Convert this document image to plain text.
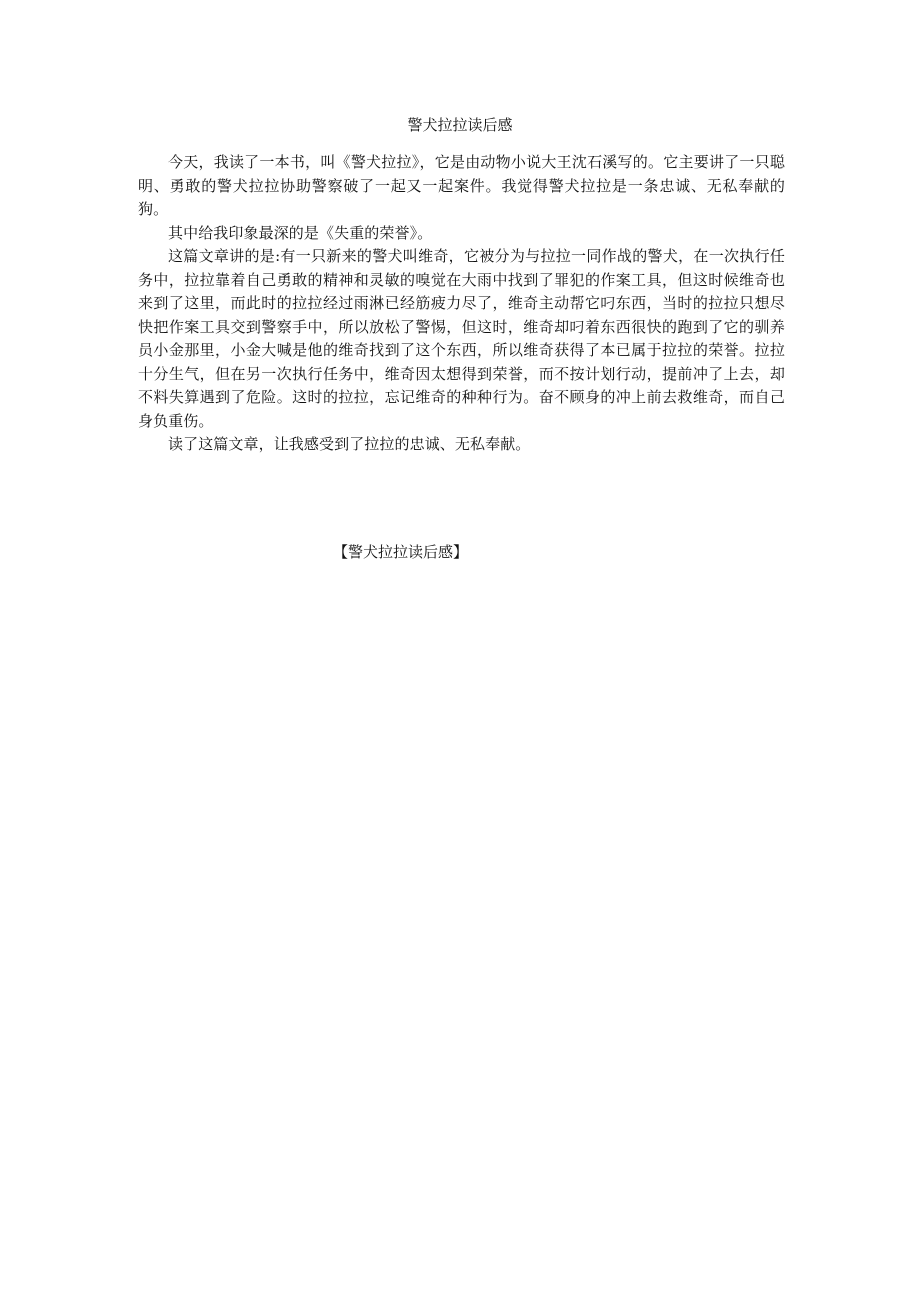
警犬拉拉读后感

今天，我读了一本书，叫《警犬拉拉》，它是由动物小说大王沈石溪写的。它主要讲了一只聪明、勇敢的警犬拉拉协助警察破了一起又一起案件。我觉得警犬拉拉是一条忠诚、无私奉献的狗。

其中给我印象最深的是《失重的荣誉》。

这篇文章讲的是:有一只新来的警犬叫维奇，它被分为与拉拉一同作战的警犬，在一次执行任务中，拉拉靠着自己勇敢的精神和灵敏的嗅觉在大雨中找到了罪犯的作案工具，但这时候维奇也来到了这里，而此时的拉拉经过雨淋已经筋疲力尽了，维奇主动帮它叼东西，当时的拉拉只想尽快把作案工具交到警察手中，所以放松了警惕，但这时，维奇却叼着东西很快的跑到了它的驯养员小金那里，小金大喊是他的维奇找到了这个东西，所以维奇获得了本已属于拉拉的荣誉。拉拉十分生气，但在另一次执行任务中，维奇因太想得到荣誉，而不按计划行动，提前冲了上去，却不料失算遇到了危险。这时的拉拉，忘记维奇的种种行为。奋不顾身的冲上前去救维奇，而自己身负重伤。

读了这篇文章，让我感受到了拉拉的忠诚、无私奉献。

【警犬拉拉读后感】
